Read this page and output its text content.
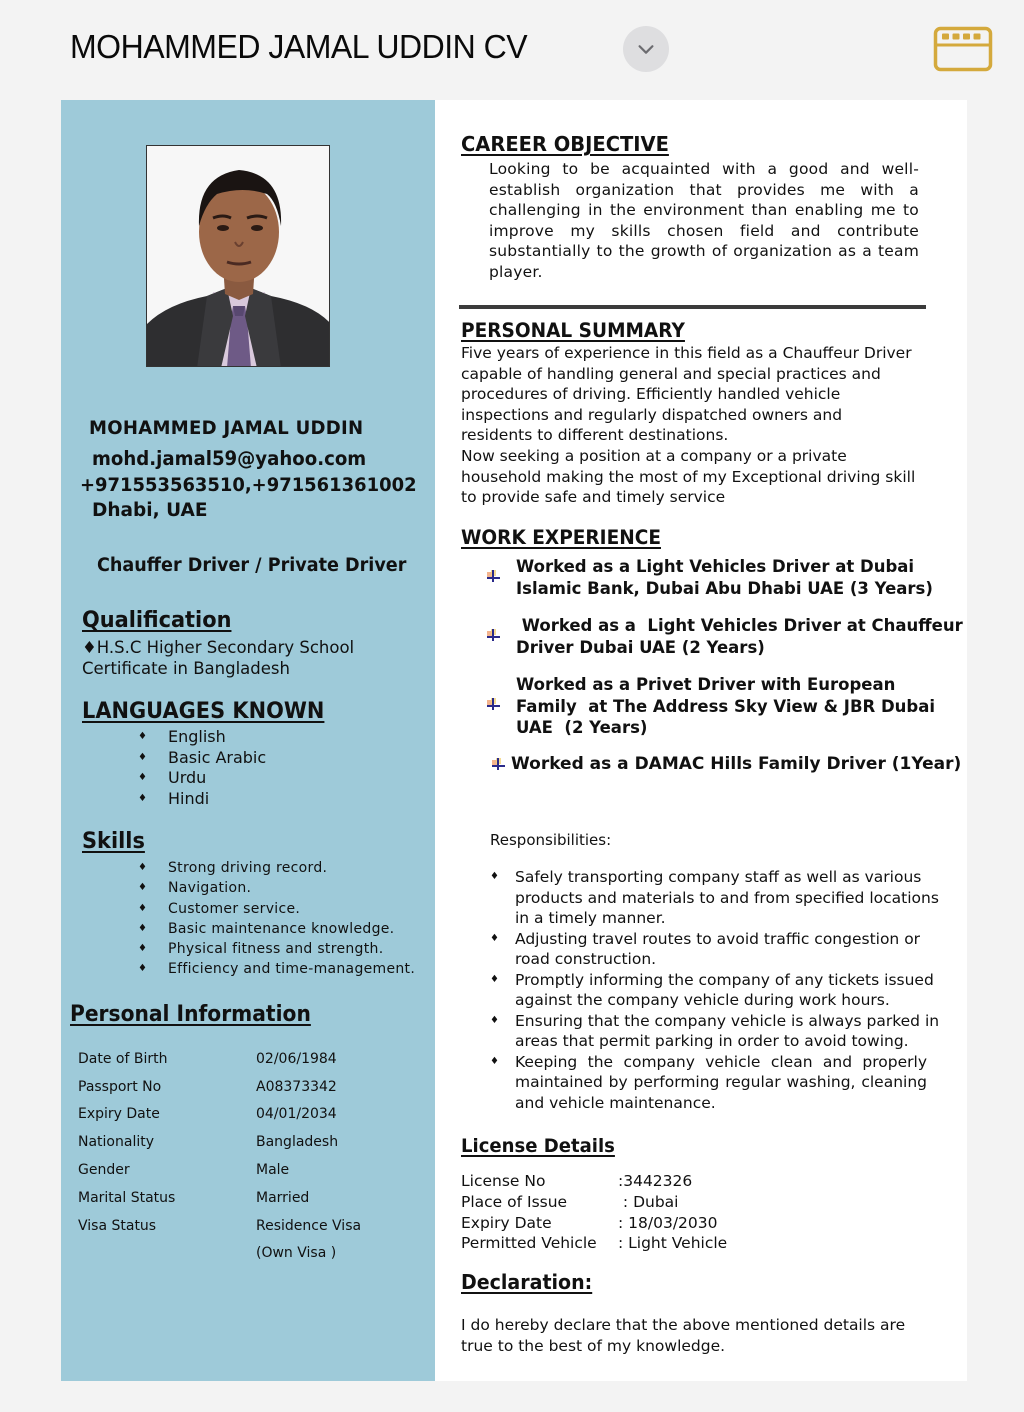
MOHAMMED JAMAL UDDIN CV
MOHAMMED JAMAL UDDIN
mohd.jamal59@yahoo.com
+971553563510,+971561361002
Dhabi, UAE
Chauffer Driver / Private Driver
Qualification
♦H.S.C Higher Secondary School Certificate in Bangladesh
LANGUAGES KNOWN
♦ English
♦ Basic Arabic
♦ Urdu
♦ Hindi
Skills
♦ Strong driving record.
♦ Navigation.
♦ Customer service.
♦ Basic maintenance knowledge.
♦ Physical fitness and strength.
♦ Efficiency and time-management.
Personal Information
Date of Birth	02/06/1984
Passport No	A08373342
Expiry Date	04/01/2034
Nationality	Bangladesh
Gender	Male
Marital Status	Married
Visa Status	Residence Visa
(Own Visa )
CAREER OBJECTIVE
Looking to be acquainted with a good and well-establish organization that provides me with a challenging in the environment than enabling me to improve my skills chosen field and contribute substantially to the growth of organization as a team player.
PERSONAL SUMMARY

Five years of experience in this field as a Chauffeur Driver

capable of handling general and special practices and

procedures of driving. Efficiently handled vehicle

inspections and regularly dispatched owners and

residents to different destinations.

Now seeking a position at a company or a private

household making the most of my Exceptional driving skill

to provide safe and timely service

WORK EXPERIENCE
Worked as a Light Vehicles Driver at Dubai
Islamic Bank, Dubai Abu Dhabi UAE (3 Years)
Worked as a  Light Vehicles Driver at Chauffeur
Driver Dubai UAE (2 Years)
Worked as a Privet Driver with European
Family  at The Address Sky View & JBR Dubai
UAE  (2 Years)
Worked as a DAMAC Hills Family Driver (1Year)
Responsibilities:
♦ Safely transporting company staff as well as various products and materials to and from specified locations in a timely manner.
♦ Adjusting travel routes to avoid traffic congestion or road construction.
♦ Promptly informing the company of any tickets issued against the company vehicle during work hours.
♦ Ensuring that the company vehicle is always parked in areas that permit parking in order to avoid towing.
♦ Keeping the company vehicle clean and properly maintained by performing regular washing, cleaning and vehicle maintenance.
License Details
License No	:3442326
Place of Issue	: Dubai
Expiry Date	: 18/03/2030
Permitted Vehicle	: Light Vehicle
Declaration:
I do hereby declare that the above mentioned details are true to the best of my knowledge.
